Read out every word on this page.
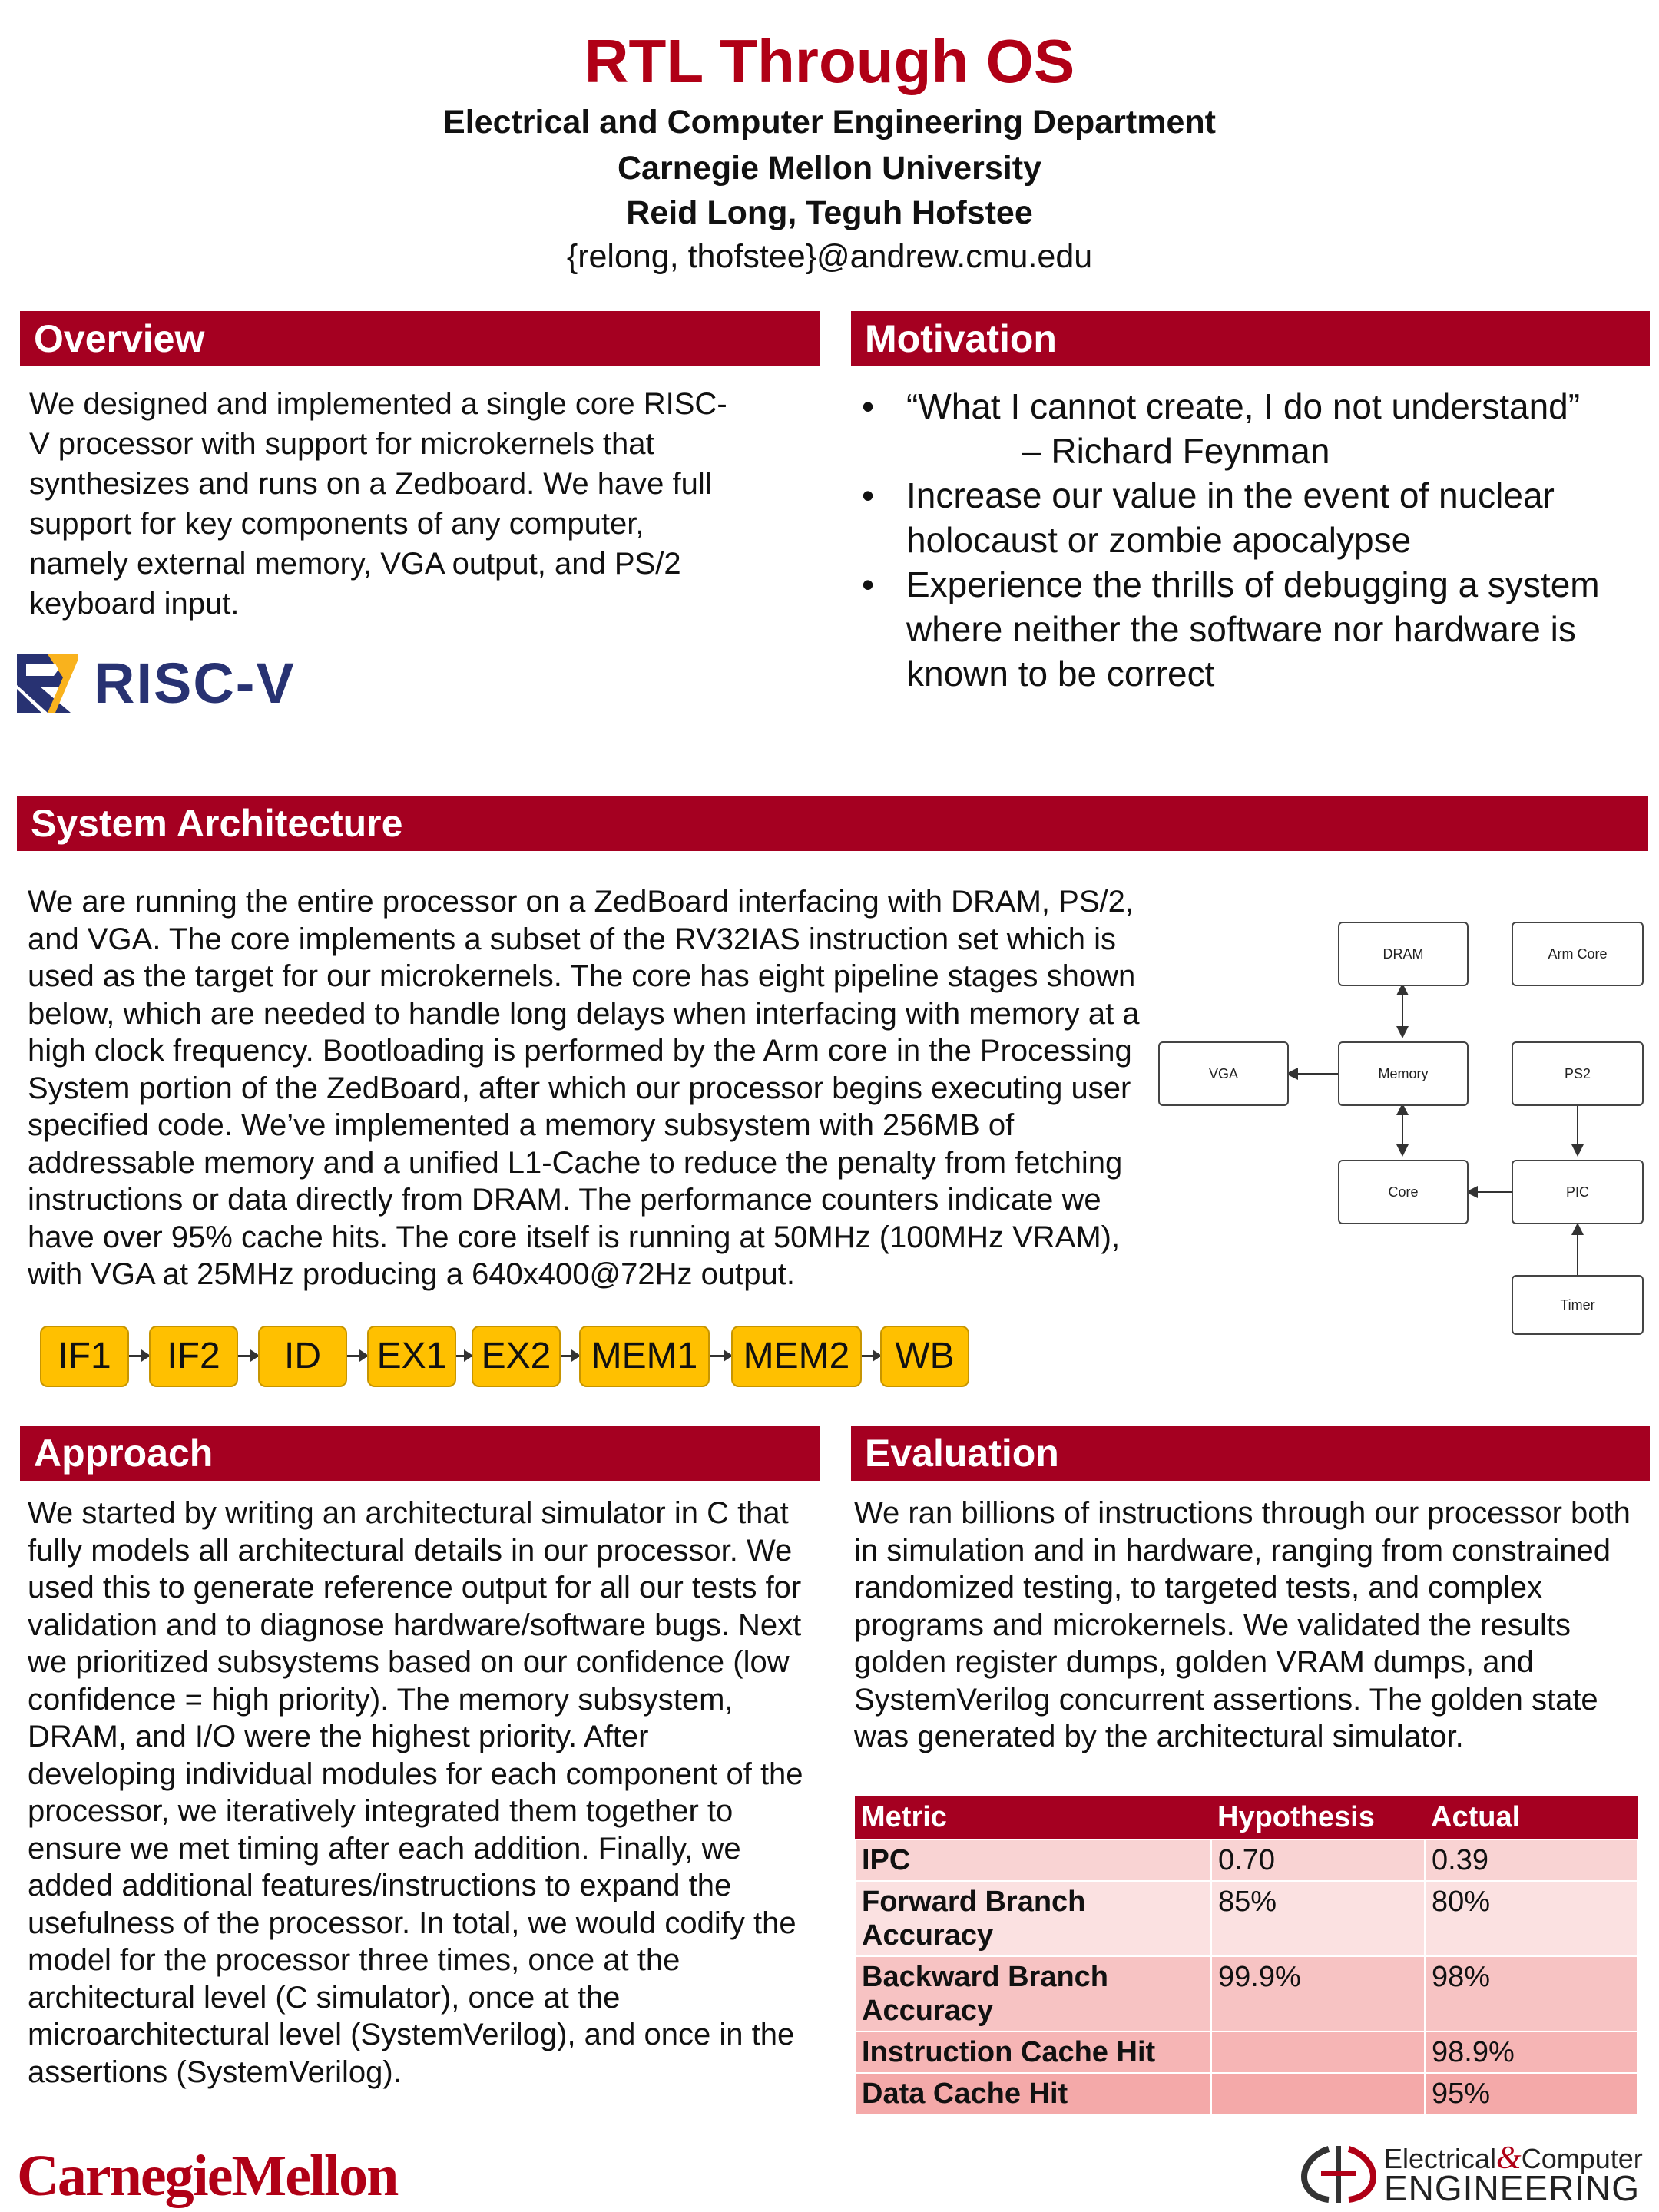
RTL Through OS
Electrical and Computer Engineering Department
Carnegie Mellon University
Reid Long, Teguh Hofstee
{relong, thofstee}@andrew.cmu.edu
Overview
We designed and implemented a single core RISC-
V processor with support for microkernels that
synthesizes and runs on a Zedboard. We have full
support for key components of any computer,
namely external memory, VGA output, and PS/2
keyboard input.
RISC-V
Motivation
• “What I cannot create, I do not understand”
– Richard Feynman
• Increase our value in the event of nuclear
holocaust or zombie apocalypse
• Experience the thrills of debugging a system
where neither the software nor hardware is
known to be correct
System Architecture
We are running the entire processor on a ZedBoard interfacing with DRAM, PS/2,
and VGA. The core implements a subset of the RV32IAS instruction set which is
used as the target for our microkernels. The core has eight pipeline stages shown
below, which are needed to handle long delays when interfacing with memory at a
high clock frequency. Bootloading is performed by the Arm core in the Processing
System portion of the ZedBoard, after which our processor begins executing user
specified code. We’ve implemented a memory subsystem with 256MB of
addressable memory and a unified L1-Cache to reduce the penalty from fetching
instructions or data directly from DRAM. The performance counters indicate we
have over 95% cache hits. The core itself is running at 50MHz (100MHz VRAM),
with VGA at 25MHz producing a 640x400@72Hz output.
IF1	IF2	ID	EX1 EX2	MEM1	MEM2	WB
DRAM	Arm Core
VGA	Memory	PS2
Core	PIC
Timer
Approach
We started by writing an architectural simulator in C that
fully models all architectural details in our processor. We
used this to generate reference output for all our tests for
validation and to diagnose hardware/software bugs. Next
we prioritized subsystems based on our confidence (low
confidence = high priority). The memory subsystem,
DRAM, and I/O were the highest priority. After
developing individual modules for each component of the
processor, we iteratively integrated them together to
ensure we met timing after each addition. Finally, we
added additional features/instructions to expand the
usefulness of the processor. In total, we would codify the
model for the processor three times, once at the
architectural level (C simulator), once at the
microarchitectural level (SystemVerilog), and once in the
assertions (SystemVerilog).
Evaluation
We ran billions of instructions through our processor both
in simulation and in hardware, ranging from constrained
randomized testing, to targeted tests, and complex
programs and microkernels. We validated the results
golden register dumps, golden VRAM dumps, and
SystemVerilog concurrent assertions. The golden state
was generated by the architectural simulator.
Metric	Hypothesis	Actual
IPC	0.70	0.39
Forward Branch Accuracy	85%	80%
Backward Branch Accuracy	99.9%	98%
Instruction Cache Hit		98.9%
Data Cache Hit		95%
CarnegieMellon	Electrical&Computer
ENGINEERING
